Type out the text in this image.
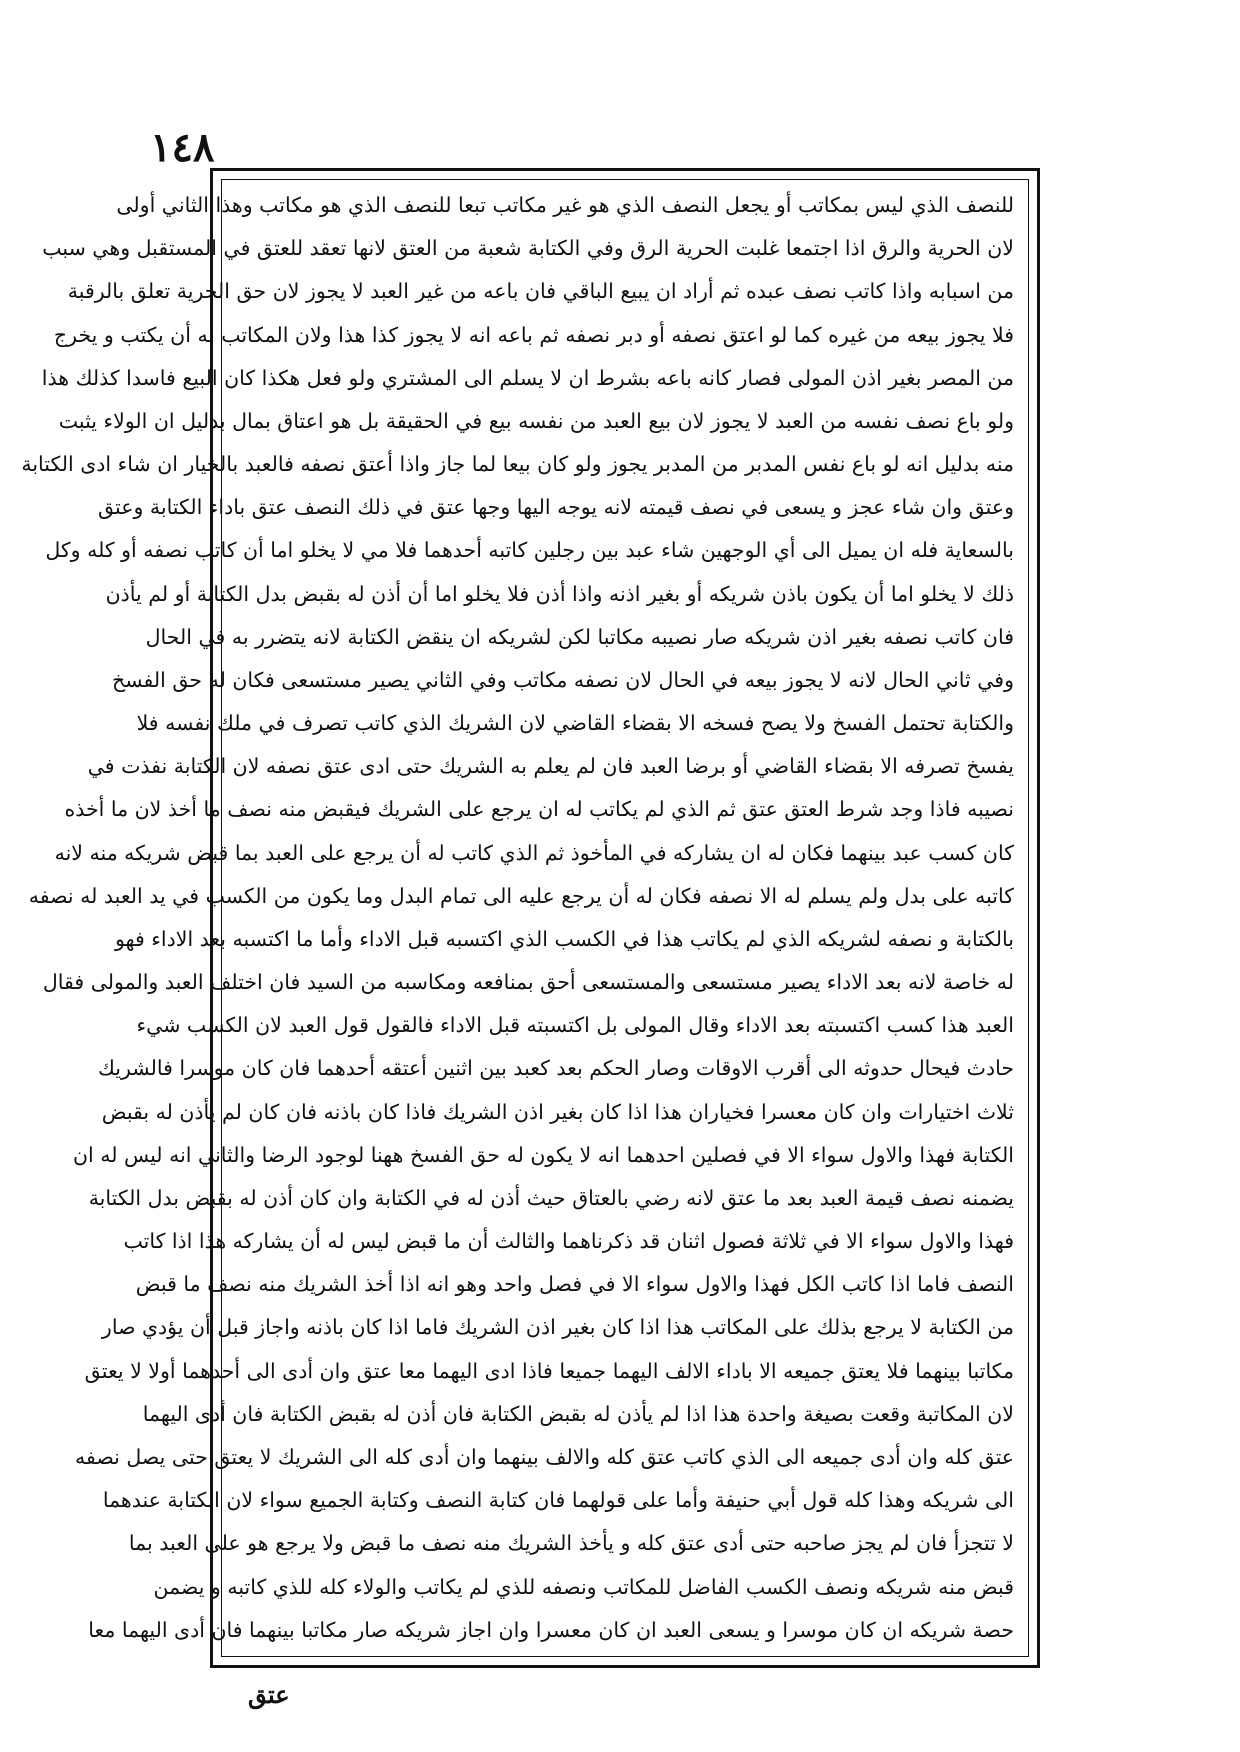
١٤٨
للنصف الذي ليس بمكاتب أو يجعل النصف الذي هو غير مكاتب تبعا للنصف الذي هو مكاتب وهذا الثاني أولى
لان الحرية والرق اذا اجتمعا غلبت الحرية الرق وفي الكتابة شعبة من العتق لانها تعقد للعتق في المستقبل وهي سبب
من اسبابه واذا كاتب نصف عبده ثم أراد ان يبيع الباقي فان باعه من غير العبد لا يجوز لان حق الحرية تعلق بالرقبة
فلا يجوز بيعه من غيره كما لو اعتق نصفه أو دبر نصفه ثم باعه انه لا يجوز كذا هذا ولان المكاتب له أن يكتب و يخرج
من المصر بغير اذن المولى فصار كانه باعه بشرط ان لا يسلم الى المشتري ولو فعل هكذا كان البيع فاسدا كذلك هذا
ولو باع نصف نفسه من العبد لا يجوز لان بيع العبد من نفسه بيع في الحقيقة بل هو اعتاق بمال بدليل ان الولاء يثبت
منه بدليل انه لو باع نفس المدبر من المدبر يجوز ولو كان بيعا لما جاز واذا أعتق نصفه فالعبد بالخيار ان شاء ادى الكتابة
وعتق وان شاء عجز و يسعى في نصف قيمته لانه يوجه اليها وجها عتق في ذلك النصف عتق باداء الكتابة وعتق
بالسعاية فله ان يميل الى أي الوجهين شاء عبد بين رجلين كاتبه أحدهما فلا مي لا يخلو اما أن كاتب نصفه أو كله وكل
ذلك لا يخلو اما أن يكون باذن شريكه أو بغير اذنه واذا أذن فلا يخلو اما أن أذن له بقبض بدل الكتابة أو لم يأذن
فان كاتب نصفه بغير اذن شريكه صار نصيبه مكاتبا لكن لشريكه ان ينقض الكتابة لانه يتضرر به في الحال
وفي ثاني الحال لانه لا يجوز بيعه في الحال لان نصفه مكاتب وفي الثاني يصير مستسعى فكان له حق الفسخ
والكتابة تحتمل الفسخ ولا يصح فسخه الا بقضاء القاضي لان الشريك الذي كاتب تصرف في ملك نفسه فلا
يفسخ تصرفه الا بقضاء القاضي أو برضا العبد فان لم يعلم به الشريك حتى ادى عتق نصفه لان الكتابة نفذت في
نصيبه فاذا وجد شرط العتق عتق ثم الذي لم يكاتب له ان يرجع على الشريك فيقبض منه نصف ما أخذ لان ما أخذه
كان كسب عبد بينهما فكان له ان يشاركه في المأخوذ ثم الذي كاتب له أن يرجع على العبد بما قبض شريكه منه لانه
كاتبه على بدل ولم يسلم له الا نصفه فكان له أن يرجع عليه الى تمام البدل وما يكون من الكسب في يد العبد له نصفه
بالكتابة و نصفه لشريكه الذي لم يكاتب هذا في الكسب الذي اكتسبه قبل الاداء وأما ما اكتسبه بعد الاداء فهو
له خاصة لانه بعد الاداء يصير مستسعى والمستسعى أحق بمنافعه ومكاسبه من السيد فان اختلف العبد والمولى فقال
العبد هذا كسب اكتسبته بعد الاداء وقال المولى بل اكتسبته قبل الاداء فالقول قول العبد لان الكسب شيء
حادث فيحال حدوثه الى أقرب الاوقات وصار الحكم بعد كعبد بين اثنين أعتقه أحدهما فان كان موسرا فالشريك
ثلاث اختيارات وان كان معسرا فخياران هذا اذا كان بغير اذن الشريك فاذا كان باذنه فان كان لم يأذن له بقبض
الكتابة فهذا والاول سواء الا في فصلين احدهما انه لا يكون له حق الفسخ ههنا لوجود الرضا والثاني انه ليس له ان
يضمنه نصف قيمة العبد بعد ما عتق لانه رضي بالعتاق حيث أذن له في الكتابة وان كان أذن له بقبض بدل الكتابة
فهذا والاول سواء الا في ثلاثة فصول اثنان قد ذكرناهما والثالث أن ما قبض ليس له أن يشاركه هذا اذا كاتب
النصف فاما اذا كاتب الكل فهذا والاول سواء الا في فصل واحد وهو انه اذا أخذ الشريك منه نصف ما قبض
من الكتابة لا يرجع بذلك على المكاتب هذا اذا كان بغير اذن الشريك فاما اذا كان باذنه واجاز قبل أن يؤدي صار
مكاتبا بينهما فلا يعتق جميعه الا باداء الالف اليهما جميعا فاذا ادى اليهما معا عتق وان أدى الى أحدهما أولا لا يعتق
لان المكاتبة وقعت بصيغة واحدة هذا اذا لم يأذن له بقبض الكتابة فان أذن له بقبض الكتابة فان أدى اليهما
عتق كله وان أدى جميعه الى الذي كاتب عتق كله والالف بينهما وان أدى كله الى الشريك لا يعتق حتى يصل نصفه
الى شريكه وهذا كله قول أبي حنيفة وأما على قولهما فان كتابة النصف وكتابة الجميع سواء لان الكتابة عندهما
لا تتجزأ فان لم يجز صاحبه حتى أدى عتق كله و يأخذ الشريك منه نصف ما قبض ولا يرجع هو على العبد بما
قبض منه شريكه ونصف الكسب الفاضل للمكاتب ونصفه للذي لم يكاتب والولاء كله للذي كاتبه و يضمن
حصة شريكه ان كان موسرا و يسعى العبد ان كان معسرا وان اجاز شريكه صار مكاتبا بينهما فان أدى اليهما معا
عتق
